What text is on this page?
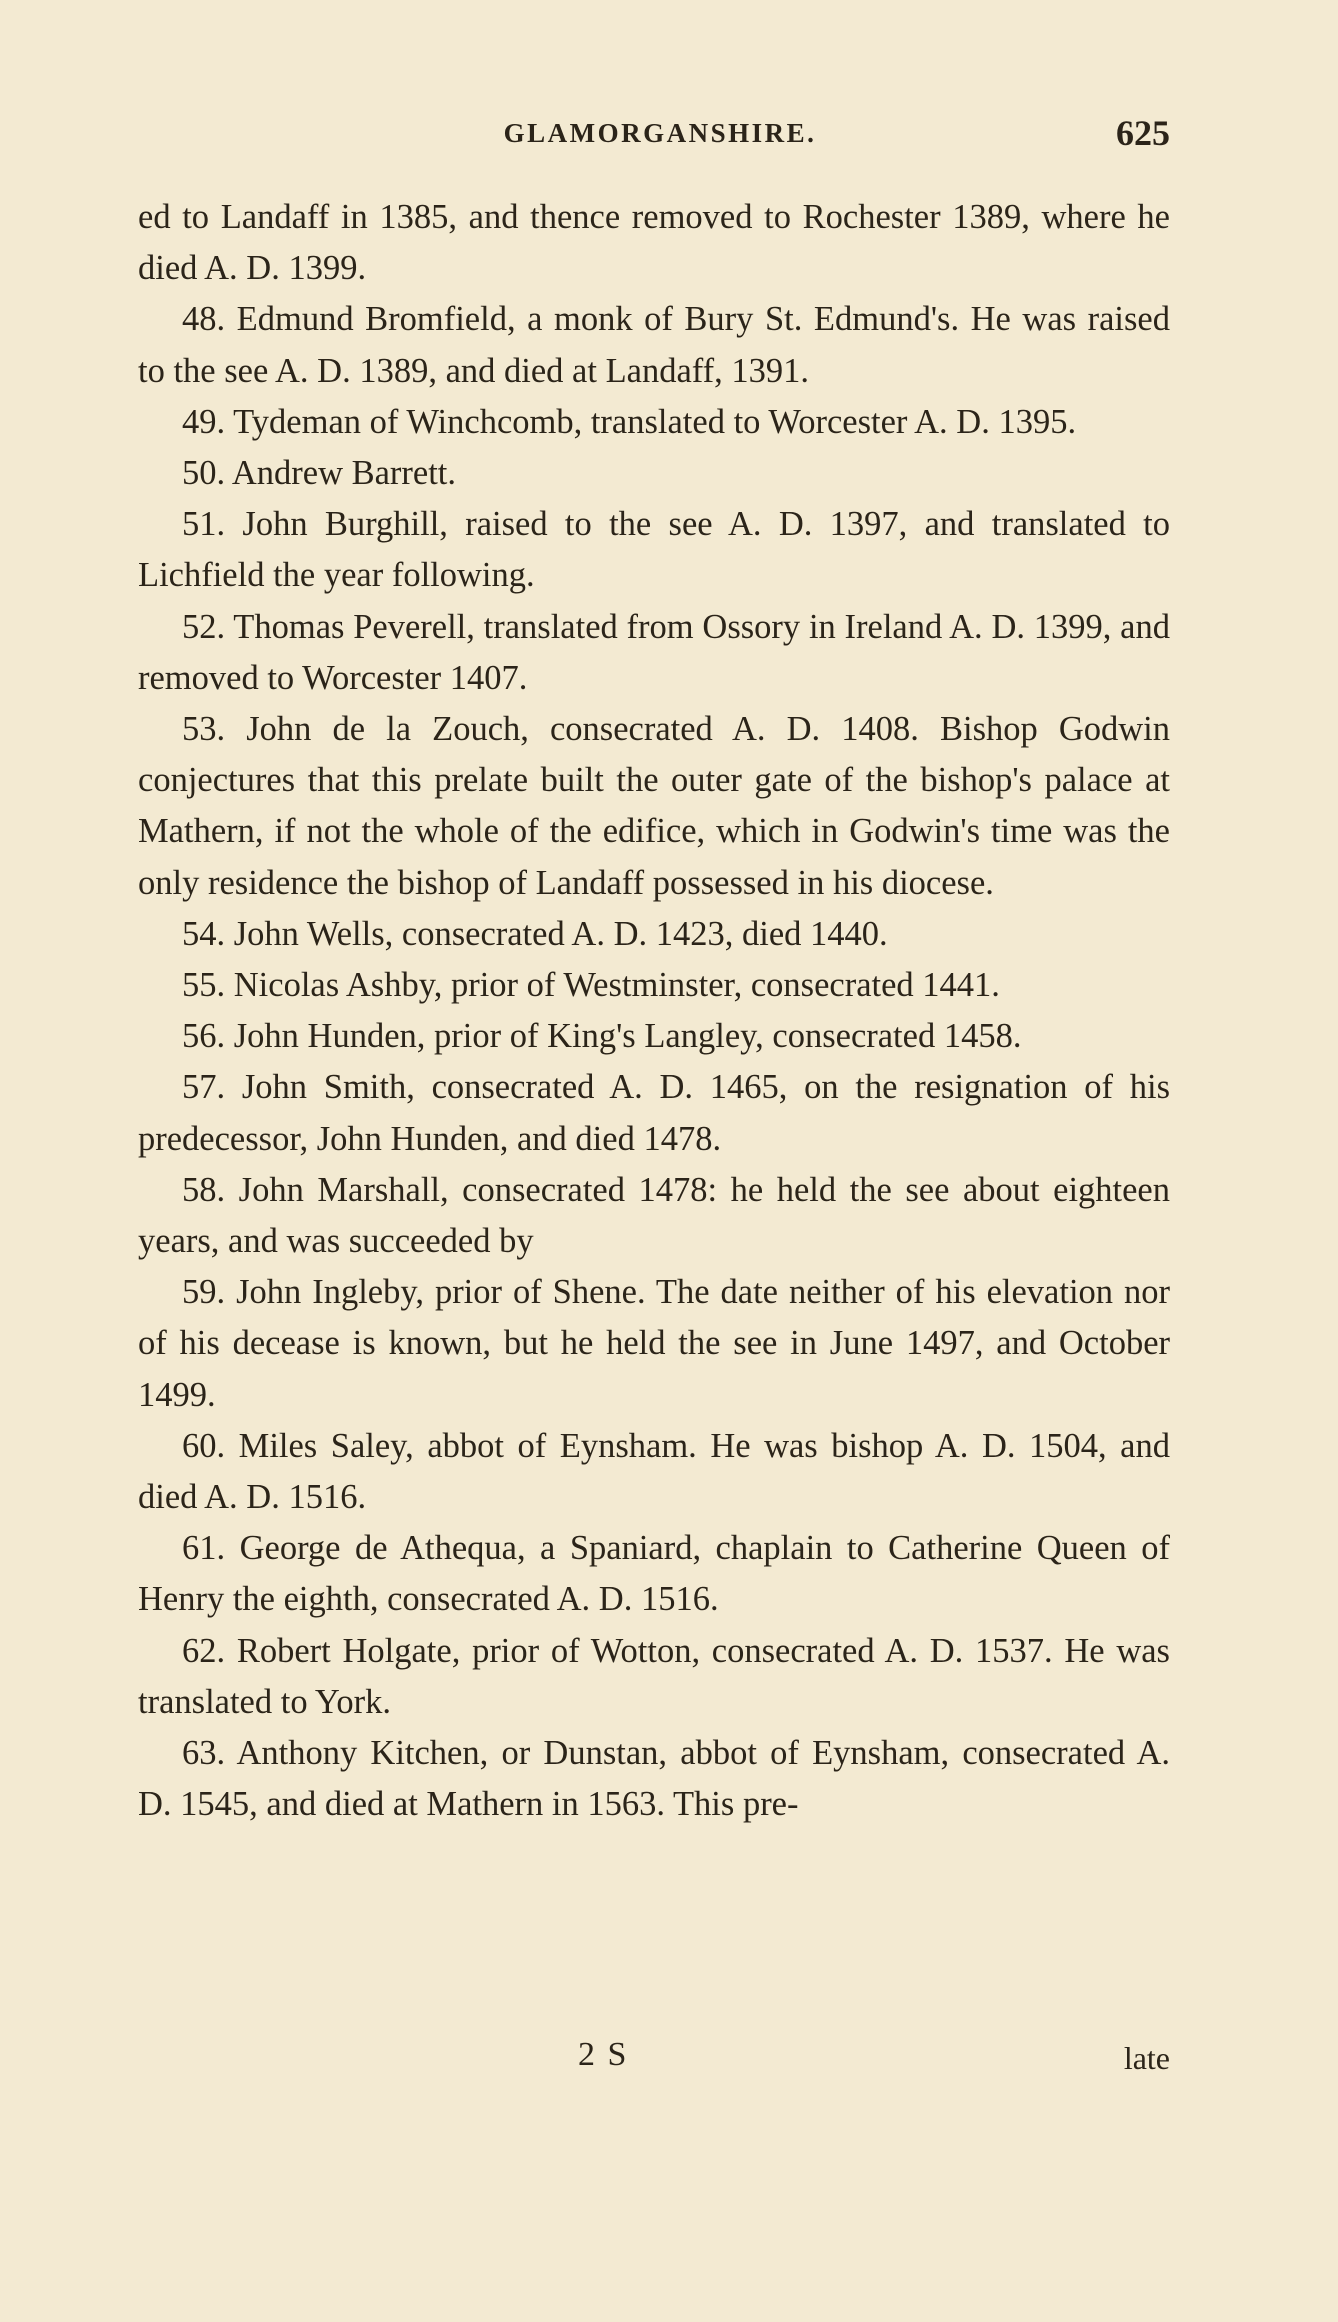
GLAMORGANSHIRE.	625

ed to Landaff in 1385, and thence removed to Rochester 1389, where he died A. D. 1399.

48. Edmund Bromfield, a monk of Bury St. Edmund's. He was raised to the see A. D. 1389, and died at Landaff, 1391.

49. Tydeman of Winchcomb, translated to Worcester A. D. 1395.

50. Andrew Barrett.

51. John Burghill, raised to the see A. D. 1397, and translated to Lichfield the year following.

52. Thomas Peverell, translated from Ossory in Ireland A. D. 1399, and removed to Worcester 1407.

53. John de la Zouch, consecrated A. D. 1408. Bishop Godwin conjectures that this prelate built the outer gate of the bishop's palace at Mathern, if not the whole of the edifice, which in Godwin's time was the only residence the bishop of Landaff possessed in his diocese.

54. John Wells, consecrated A. D. 1423, died 1440.

55. Nicolas Ashby, prior of Westminster, consecrated 1441.

56. John Hunden, prior of King's Langley, consecrated 1458.

57. John Smith, consecrated A. D. 1465, on the resignation of his predecessor, John Hunden, and died 1478.

58. John Marshall, consecrated 1478: he held the see about eighteen years, and was succeeded by

59. John Ingleby, prior of Shene. The date neither of his elevation nor of his decease is known, but he held the see in June 1497, and October 1499.

60. Miles Saley, abbot of Eynsham. He was bishop A. D. 1504, and died A. D. 1516.

61. George de Athequa, a Spaniard, chaplain to Catherine Queen of Henry the eighth, consecrated A. D. 1516.

62. Robert Holgate, prior of Wotton, consecrated A. D. 1537. He was translated to York.

63. Anthony Kitchen, or Dunstan, abbot of Eynsham, consecrated A. D. 1545, and died at Mathern in 1563. This pre-

2 S	late
